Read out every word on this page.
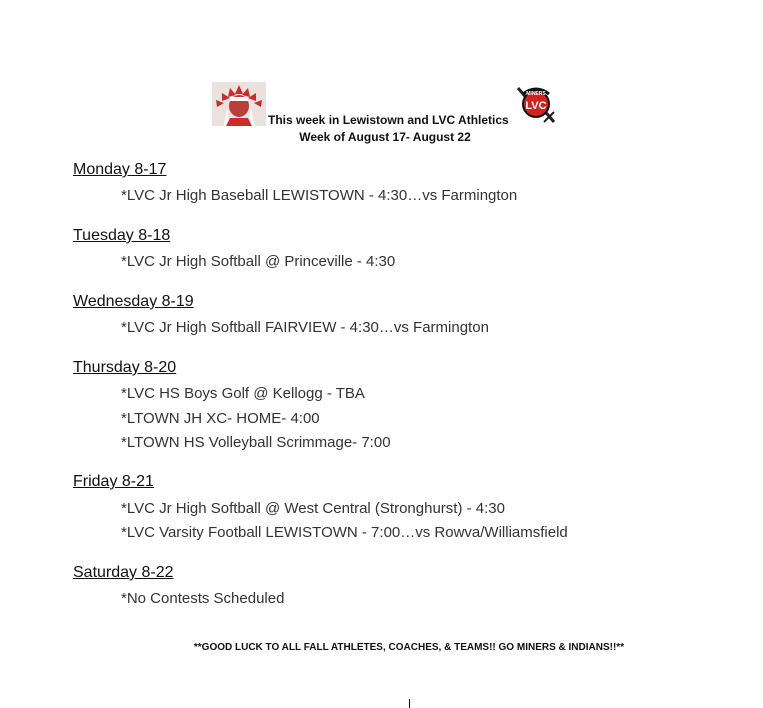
MINERS
LVC
This week in Lewistown and LVC Athletics
Week of August 17- August 22
Monday 8-17
*LVC Jr High Baseball LEWISTOWN - 4:30…vs Farmington
Tuesday 8-18
*LVC Jr High Softball @ Princeville - 4:30
Wednesday 8-19
*LVC Jr High Softball FAIRVIEW - 4:30…vs Farmington
Thursday 8-20
*LVC HS Boys Golf @ Kellogg - TBA
*LTOWN JH XC- HOME- 4:00
*LTOWN HS Volleyball Scrimmage- 7:00
Friday 8-21
*LVC Jr High Softball @ West Central (Stronghurst) - 4:30
*LVC Varsity Football LEWISTOWN - 7:00…vs Rowva/Williamsfield
Saturday 8-22
*No Contests Scheduled
**GOOD LUCK TO ALL FALL ATHLETES, COACHES, & TEAMS!! GO MINERS & INDIANS!!**
